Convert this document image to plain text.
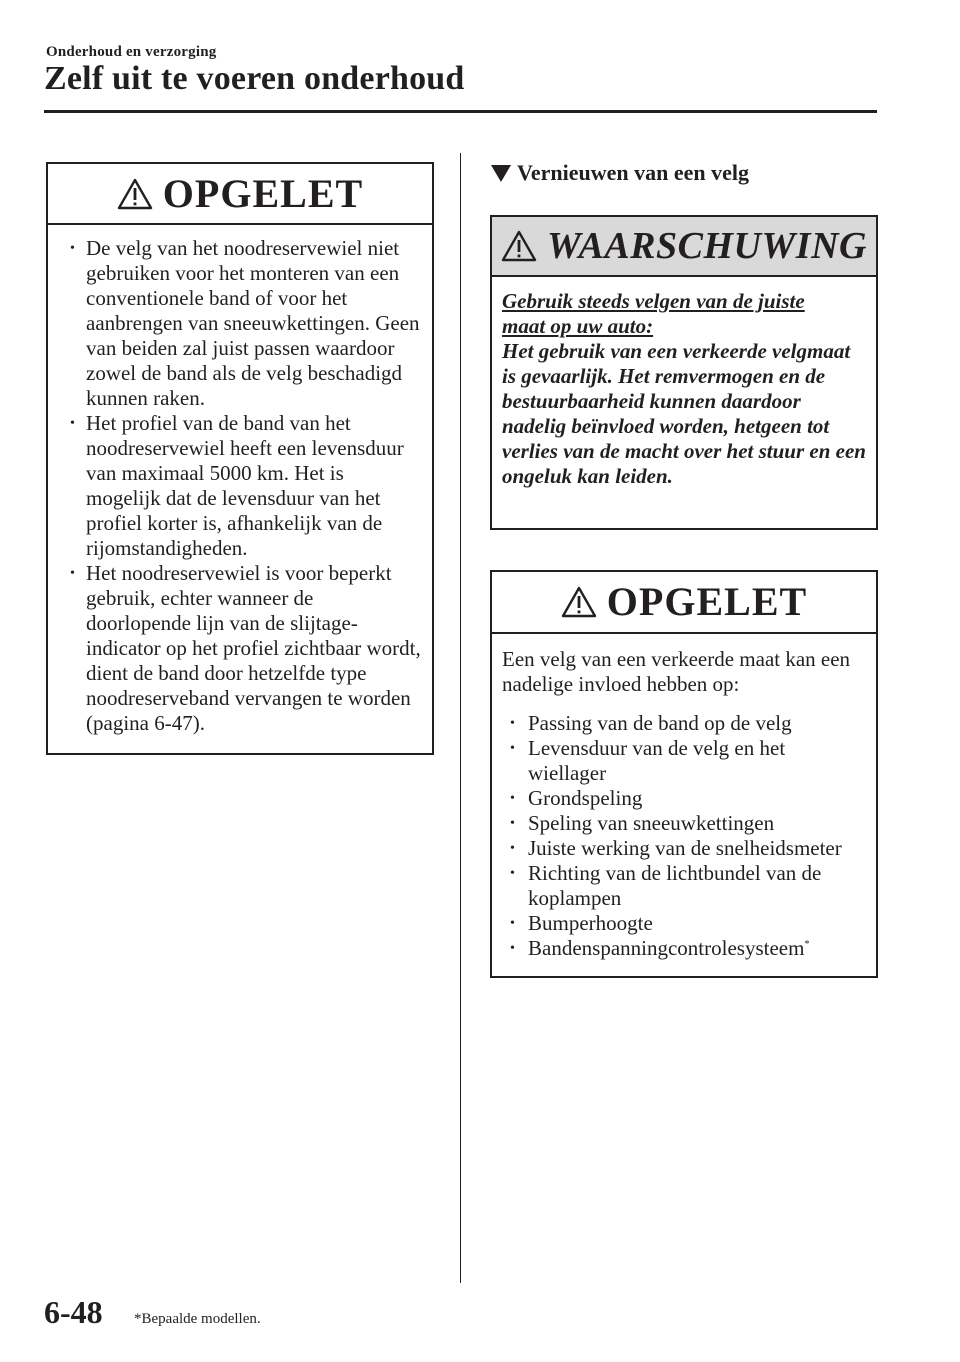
Onderhoud en verzorging
Zelf uit te voeren onderhoud
OPGELET
• De velg van het noodreservewiel niet gebruiken voor het monteren van een conventionele band of voor het aanbrengen van sneeuwkettingen. Geen van beiden zal juist passen waardoor zowel de band als de velg beschadigd kunnen raken.
• Het profiel van de band van het noodreservewiel heeft een levensduur van maximaal 5000 km. Het is mogelijk dat de levensduur van het profiel korter is, afhankelijk van de rijomstandigheden.
• Het noodreservewiel is voor beperkt gebruik, echter wanneer de doorlopende lijn van de slijtage-indicator op het profiel zichtbaar wordt, dient de band door hetzelfde type noodreserveband vervangen te worden (pagina 6-47).
Vernieuwen van een velg
WAARSCHUWING

Gebruik steeds velgen van de juiste maat op uw auto:

Het gebruik van een verkeerde velgmaat is gevaarlijk. Het remvermogen en de bestuurbaarheid kunnen daardoor nadelig beïnvloed worden, hetgeen tot verlies van de macht over het stuur en een ongeluk kan leiden.

OPGELET

Een velg van een verkeerde maat kan een nadelige invloed hebben op:

• Passing van de band op de velg
• Levensduur van de velg en het wiellager
• Grondspeling
• Speling van sneeuwkettingen
• Juiste werking van de snelheidsmeter
• Richting van de lichtbundel van de koplampen
• Bumperhoogte
• Bandenspanningcontrolesysteem*
6-48 *Bepaalde modellen.
